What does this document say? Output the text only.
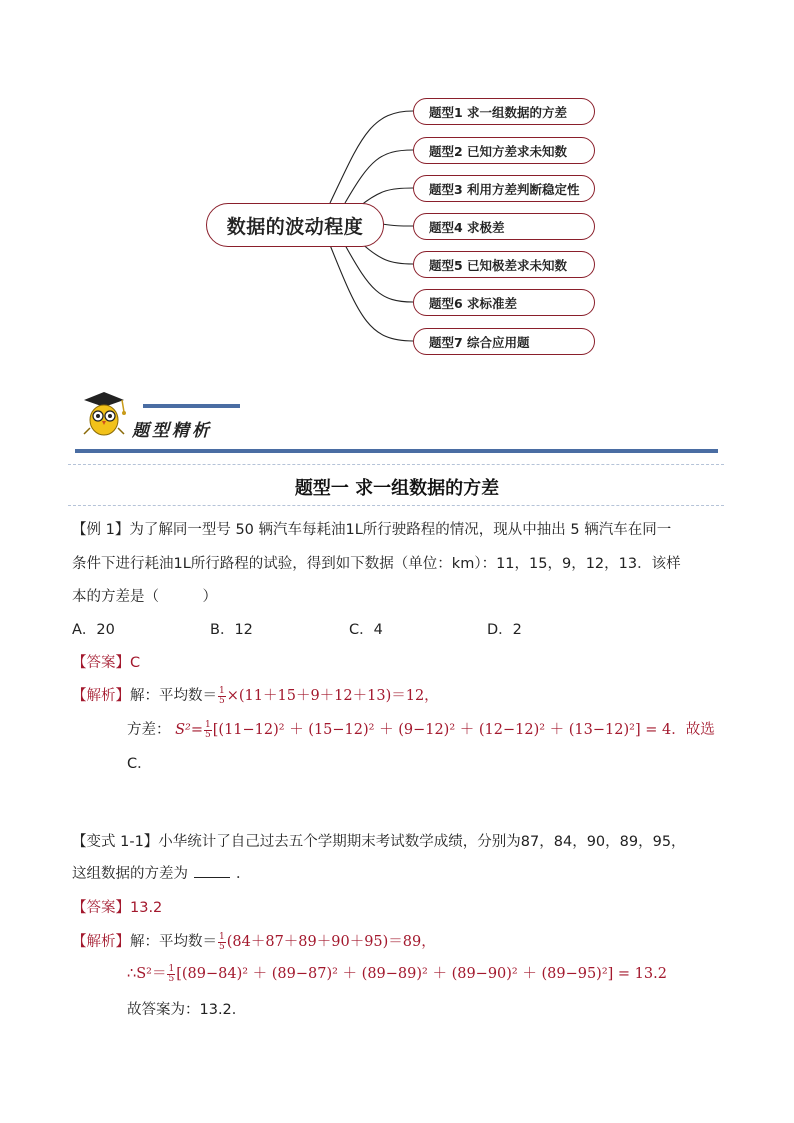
数据的波动程度
题型1 求一组数据的方差
题型2 已知方差求未知数
题型3 利用方差判断稳定性
题型4 求极差
题型5 已知极差求未知数
题型6 求标准差
题型7 综合应用题
题型精析
题型一 求一组数据的方差
【例 1】为了解同一型号 50 辆汽车每耗油1L所行驶路程的情况，现从中抽出 5 辆汽车在同一
条件下进行耗油1L所行路程的试验，得到如下数据（单位：km）：11，15，9，12，13．该样
本的方差是（　　　）
A．20	B．12	C．4	D．2
【答案】C
【解析】解：平均数＝ $\frac{1}{5} \times(11+15+9+12+13)=12$，
方差： $S^2= \frac{1}{5} [(11-12)^2 + (15-12)^2 + (9-12)^2 + (12-12)^2 + (13-12)^2] = 4$．故选
C．
【变式 1-1】小华统计了自己过去五个学期期末考试数学成绩，分别为87，84，90，89，95，
这组数据的方差为	．
【答案】13.2
【解析】解：平均数＝ $\frac{1}{5} (84+87+89+90+95)=89$，
∴S²＝ $\frac{1}{5} [(89-84)^2 + (89-87)^2 + (89-89)^2 + (89-90)^2 + (89-95)^2] = 13.2$
故答案为：13.2．
